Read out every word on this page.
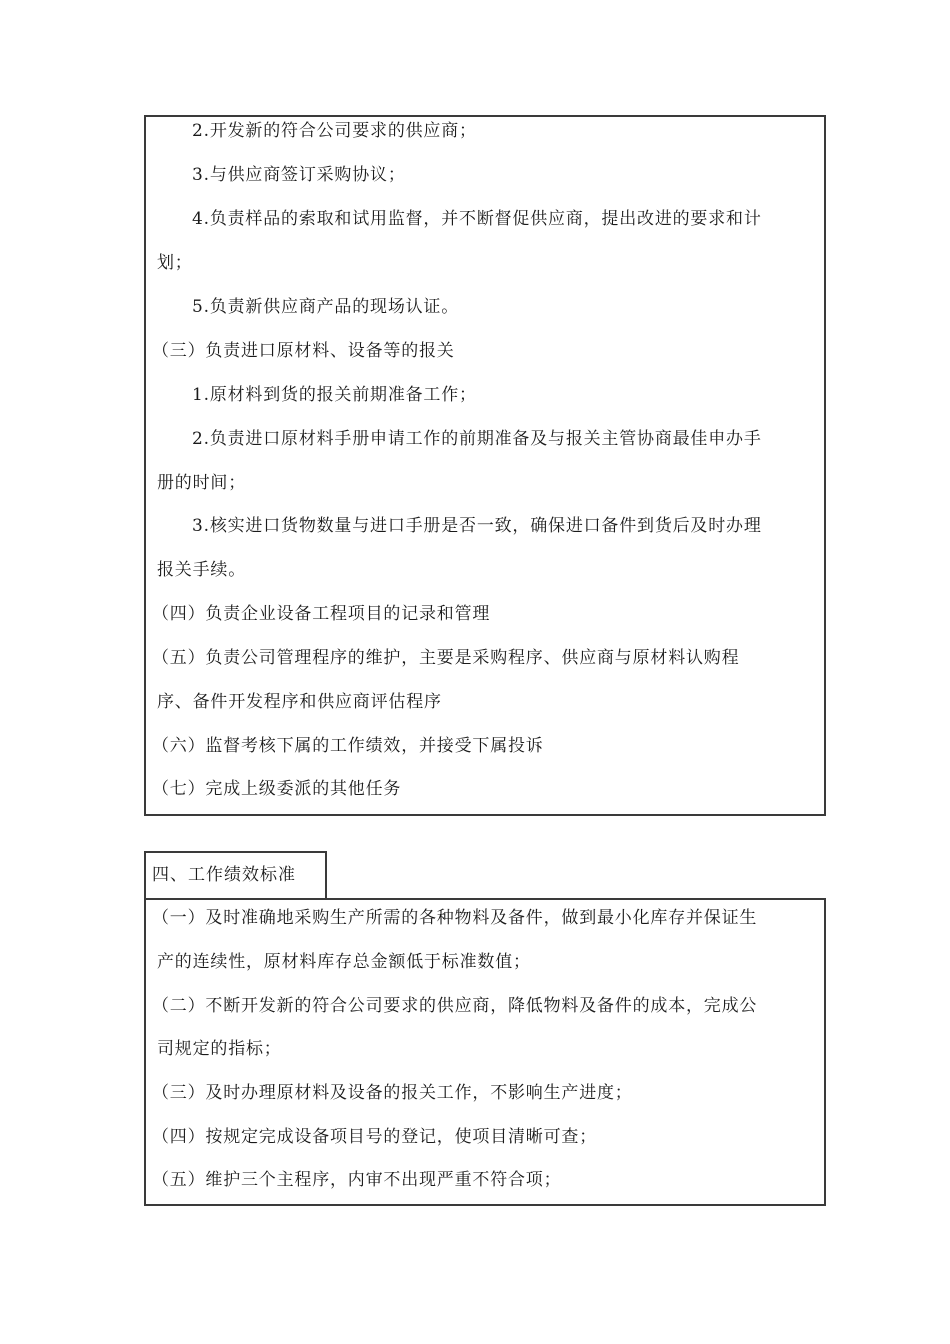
2.开发新的符合公司要求的供应商；
3.与供应商签订采购协议；
4.负责样品的索取和试用监督，并不断督促供应商，提出改进的要求和计
划；
5.负责新供应商产品的现场认证。
（三）负责进口原材料、设备等的报关
1.原材料到货的报关前期准备工作；
2.负责进口原材料手册申请工作的前期准备及与报关主管协商最佳申办手
册的时间；
3.核实进口货物数量与进口手册是否一致，确保进口备件到货后及时办理
报关手续。
（四）负责企业设备工程项目的记录和管理
（五）负责公司管理程序的维护，主要是采购程序、供应商与原材料认购程
序、备件开发程序和供应商评估程序
（六）监督考核下属的工作绩效，并接受下属投诉
（七）完成上级委派的其他任务
四、工作绩效标准
（一）及时准确地采购生产所需的各种物料及备件，做到最小化库存并保证生
产的连续性，原材料库存总金额低于标准数值；
（二）不断开发新的符合公司要求的供应商，降低物料及备件的成本，完成公
司规定的指标；
（三）及时办理原材料及设备的报关工作，不影响生产进度；
（四）按规定完成设备项目号的登记，使项目清晰可查；
（五）维护三个主程序，内审不出现严重不符合项；
